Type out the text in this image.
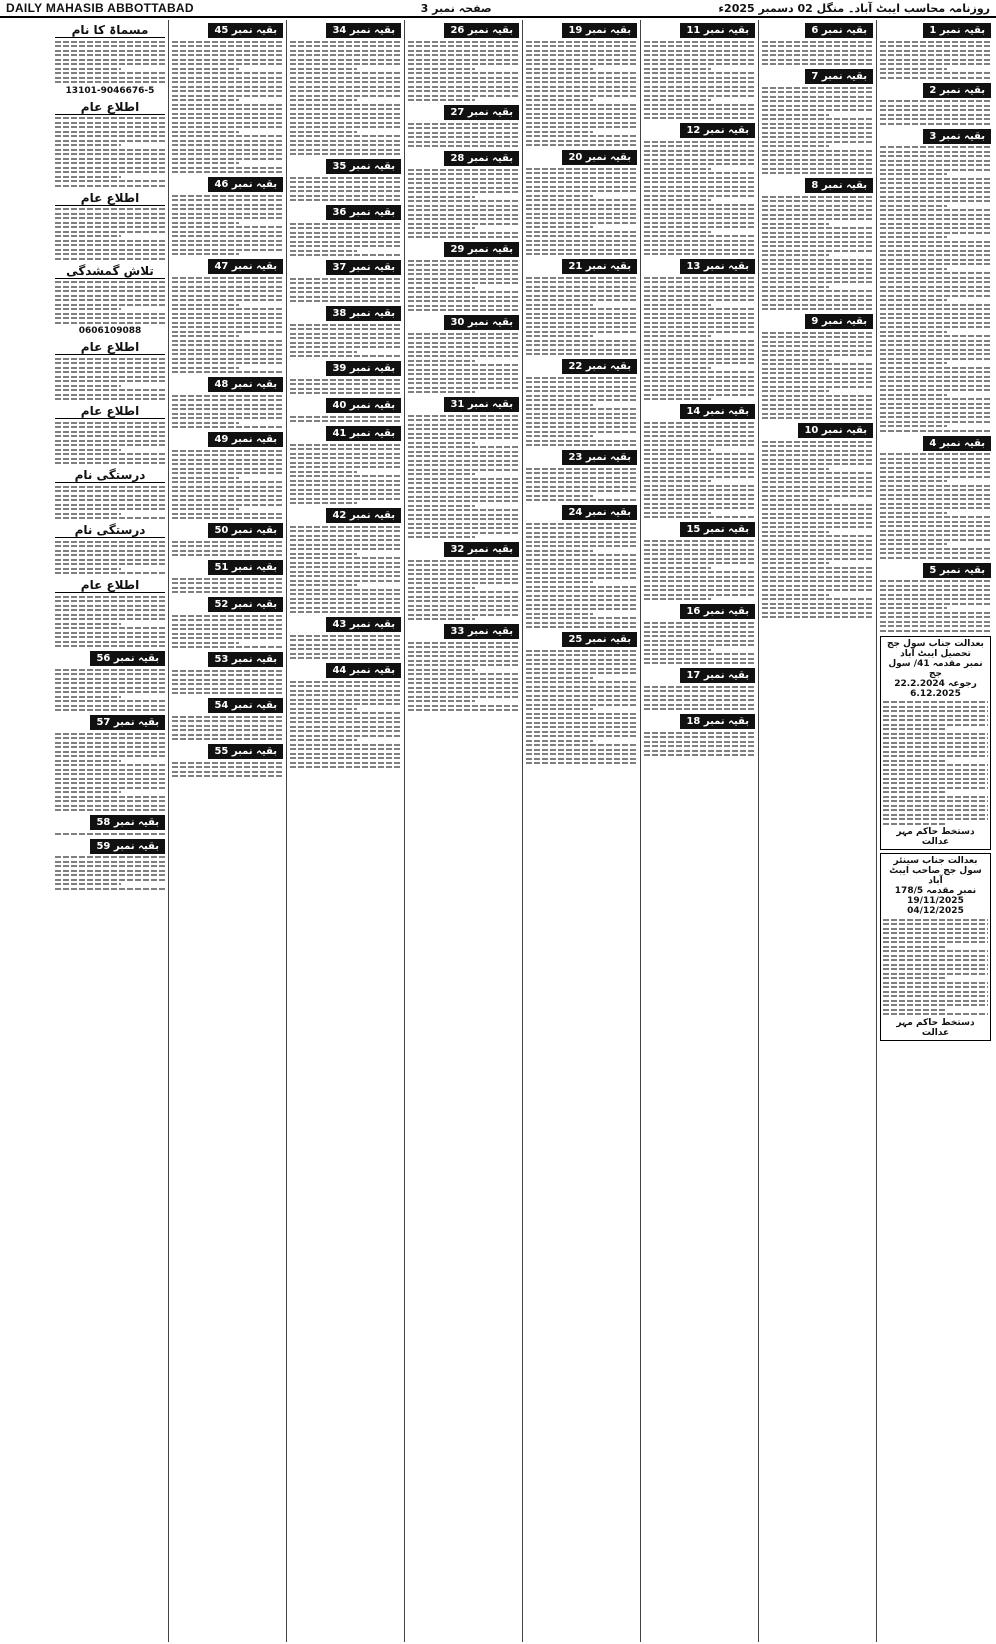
DAILY MAHASIB ABBOTTABAD	صفحہ نمبر 3	روزنامہ محاسب ایبٹ آباد۔ منگل 02 دسمبر 2025ء
بقیہ نمبر 1
بقیہ نمبر 2
بقیہ نمبر 3
بقیہ نمبر 4
بقیہ نمبر 5
بعدالت جناب سول جج تحصیل ایبٹ آباد
نمبر مقدمہ 41/ سول جج
رجوعہ 22.2.2024
6.12.2025
دستخط حاکم مہر عدالت
بعدالت جناب سینئر سول جج صاحب ایبٹ آباد
نمبر مقدمہ 178/5
19/11/2025
04/12/2025
دستخط حاکم مہر عدالت
بقیہ نمبر 6
بقیہ نمبر 7
بقیہ نمبر 8
بقیہ نمبر 9
بقیہ نمبر 10
بقیہ نمبر 11
بقیہ نمبر 12
بقیہ نمبر 13
بقیہ نمبر 14
بقیہ نمبر 15
بقیہ نمبر 16
بقیہ نمبر 17
بقیہ نمبر 18
بقیہ نمبر 19
بقیہ نمبر 20
بقیہ نمبر 21
بقیہ نمبر 22
بقیہ نمبر 23
بقیہ نمبر 24
بقیہ نمبر 25
بقیہ نمبر 26
بقیہ نمبر 27
بقیہ نمبر 28
بقیہ نمبر 29
بقیہ نمبر 30
بقیہ نمبر 31
بقیہ نمبر 32
بقیہ نمبر 33
بقیہ نمبر 34
بقیہ نمبر 35
بقیہ نمبر 36
بقیہ نمبر 37
بقیہ نمبر 38
بقیہ نمبر 39
بقیہ نمبر 40
بقیہ نمبر 41
بقیہ نمبر 42
بقیہ نمبر 43
بقیہ نمبر 44
بقیہ نمبر 45
بقیہ نمبر 46
بقیہ نمبر 47
بقیہ نمبر 48
بقیہ نمبر 49
بقیہ نمبر 50
بقیہ نمبر 51
بقیہ نمبر 52
بقیہ نمبر 53
بقیہ نمبر 54
بقیہ نمبر 55
مسماۃ کا نام
13101-9046676-5
اطلاع عام
اطلاع عام
تلاش گمشدگی
0606109088
اطلاع عام
اطلاع عام
درستگی نام
درستگی نام
اطلاع عام
بقیہ نمبر 56
بقیہ نمبر 57
بقیہ نمبر 58
بقیہ نمبر 59
